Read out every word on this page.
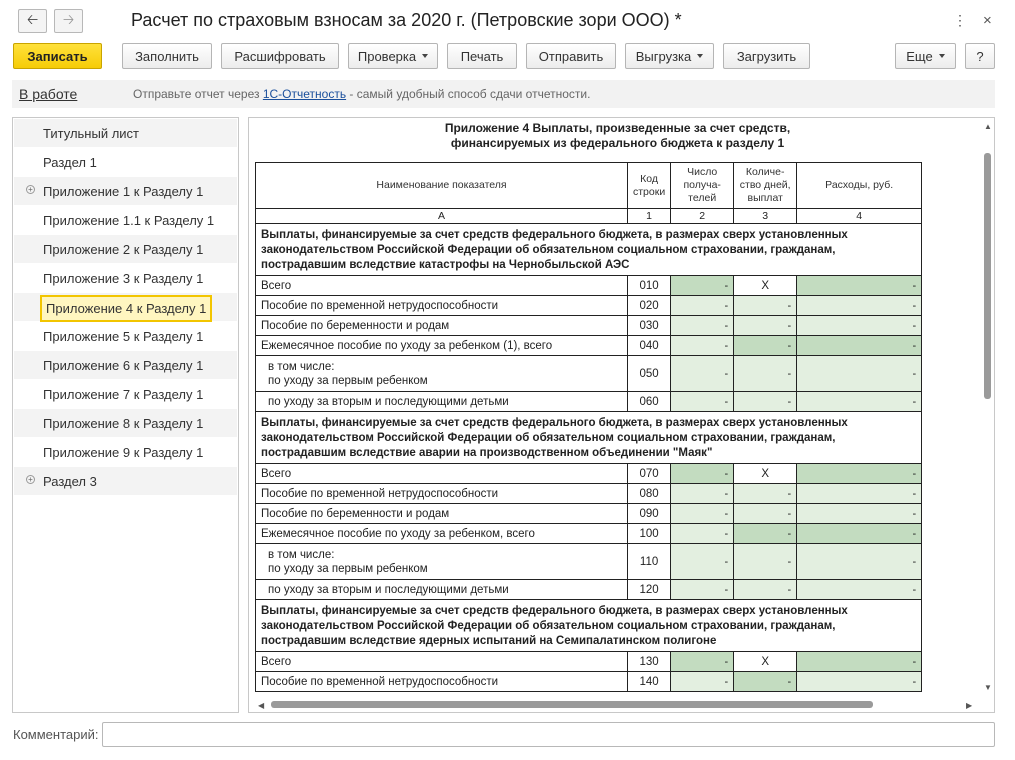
🡠 🡢	Расчет по страховым взносам за 2020 г. (Петровские зори ООО) *	⋮ ×
Записать	Заполнить	Расшифровать	Проверка	Печать	Отправить	Выгрузка	Загрузить	Еще	?
В работе	Отправьте отчет через 1С-Отчетность - самый удобный способ сдачи отчетности.
Титульный лист
Раздел 1
+ Приложение 1 к Разделу 1
Приложение 1.1 к Разделу 1
Приложение 2 к Разделу 1
Приложение 3 к Разделу 1
Приложение 4 к Разделу 1
Приложение 5 к Разделу 1
Приложение 6 к Разделу 1
Приложение 7 к Разделу 1
Приложение 8 к Разделу 1
Приложение 9 к Разделу 1
+ Раздел 3
Приложение 4 Выплаты, произведенные за счет средств,
финансируемых из федерального бюджета к разделу 1
Наименование показателя	Код строки	Число получа- телей	Количе- ство дней, выплат	Расходы, руб.
А	1	2	3	4
Выплаты, финансируемые за счет средств федерального бюджета, в размерах сверх установленных законодательством Российской Федерации об обязательном социальном страховании, гражданам, пострадавшим вследствие катастрофы на Чернобыльской АЭС				
Всего	010	-	Х	-
Пособие по временной нетрудоспособности	020	-	-	-
Пособие по беременности и родам	030	-	-	-
Ежемесячное пособие по уходу за ребенком (1), всего	040	-	-	-

в том числе:
по уходу за первым ребенком	050	-	-	-
по уходу за вторым и последующими детьми	060	-	-	-
Выплаты, финансируемые за счет средств федерального бюджета, в размерах сверх установленных законодательством Российской Федерации об обязательном социальном страховании, гражданам, пострадавшим вследствие аварии на производственном объединении "Маяк"				
Всего	070	-	Х	-
Пособие по временной нетрудоспособности	080	-	-	-
Пособие по беременности и родам	090	-	-	-
Ежемесячное пособие по уходу за ребенком, всего	100	-	-	-

в том числе:
по уходу за первым ребенком	110	-	-	-
по уходу за вторым и последующими детьми	120	-	-	-
Выплаты, финансируемые за счет средств федерального бюджета, в размерах сверх установленных законодательством Российской Федерации об обязательном социальном страховании, гражданам, пострадавшим вследствие ядерных испытаний на Семипалатинском полигоне				
Всего	130	-	Х	-
Пособие по временной нетрудоспособности	140	-	-	-
▲
▼
◀	▶
Комментарий:
